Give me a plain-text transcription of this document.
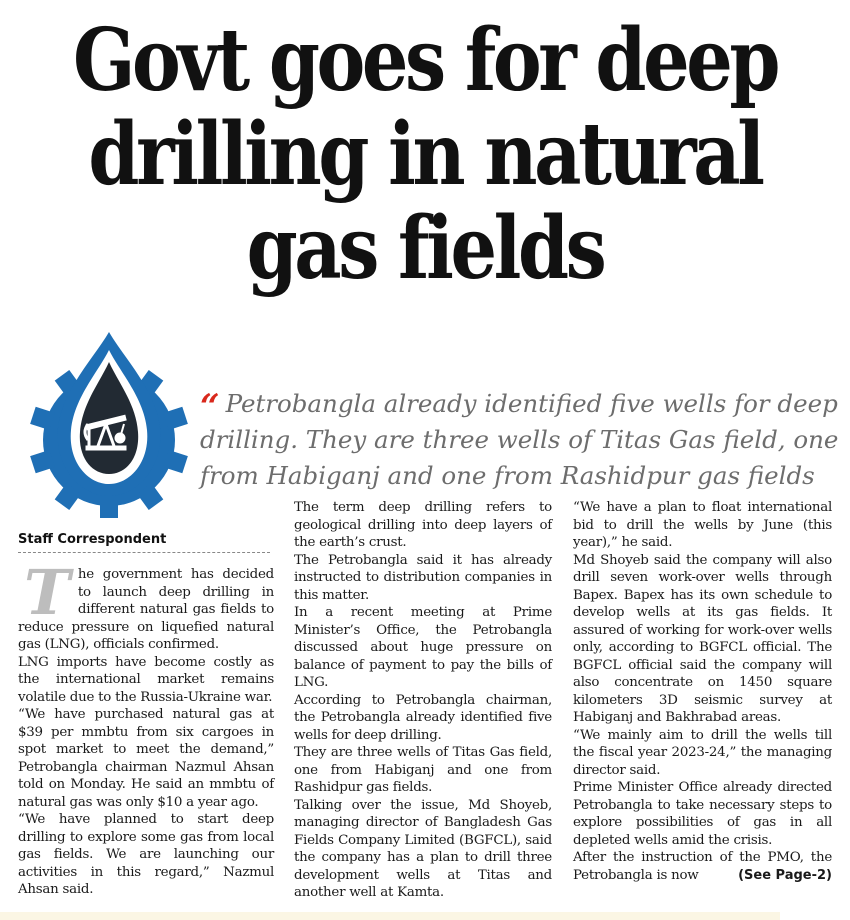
Govt goes for deep
drilling in natural
gas fields

“ Petrobangla already identified five wells for deep drilling. They are three wells of Titas Gas field, one from Habiganj and one from Rashidpur gas fields

Staff Correspondent
T he government has decided to launch deep drilling in different natural gas fields to reduce pressure on liquefied natural gas (LNG), officials confirmed.

LNG imports have become costly as the international market remains volatile due to the Russia-Ukraine war.

“We have purchased natural gas at $39 per mmbtu from six cargoes in spot market to meet the demand,” Petrobangla chairman Nazmul Ahsan told on Monday. He said an mmbtu of natural gas was only $10 a year ago.

“We have planned to start deep drilling to explore some gas from local gas fields. We are launching our activities in this regard,” Nazmul Ahsan said.

The term deep drilling refers to geological drilling into deep layers of the earth’s crust.

The Petrobangla said it has already instructed to distribution companies in this matter.

In a recent meeting at Prime Minister’s Office, the Petrobangla discussed about huge pressure on balance of payment to pay the bills of LNG.

According to Petrobangla chairman, the Petrobangla already identified five wells for deep drilling.

They are three wells of Titas Gas field, one from Habiganj and one from Rashidpur gas fields.

Talking over the issue, Md Shoyeb, managing director of Bangladesh Gas Fields Company Limited (BGFCL), said the company has a plan to drill three development wells at Titas and another well at Kamta.

“We have a plan to float international bid to drill the wells by June (this year),” he said.

Md Shoyeb said the company will also drill seven work-over wells through Bapex. Bapex has its own schedule to develop wells at its gas fields. It assured of working for work-over wells only, according to BGFCL official. The BGFCL official said the company will also concentrate on 1450 square kilometers 3D seismic survey at Habiganj and Bakhrabad areas.

“We mainly aim to drill the wells till the fiscal year 2023-24,” the managing director said.

Prime Minister Office already directed Petrobangla to take necessary steps to explore possibilities of gas in all depleted wells amid the crisis.

After the instruction of the PMO, the Petrobangla is now	(See Page-2)
